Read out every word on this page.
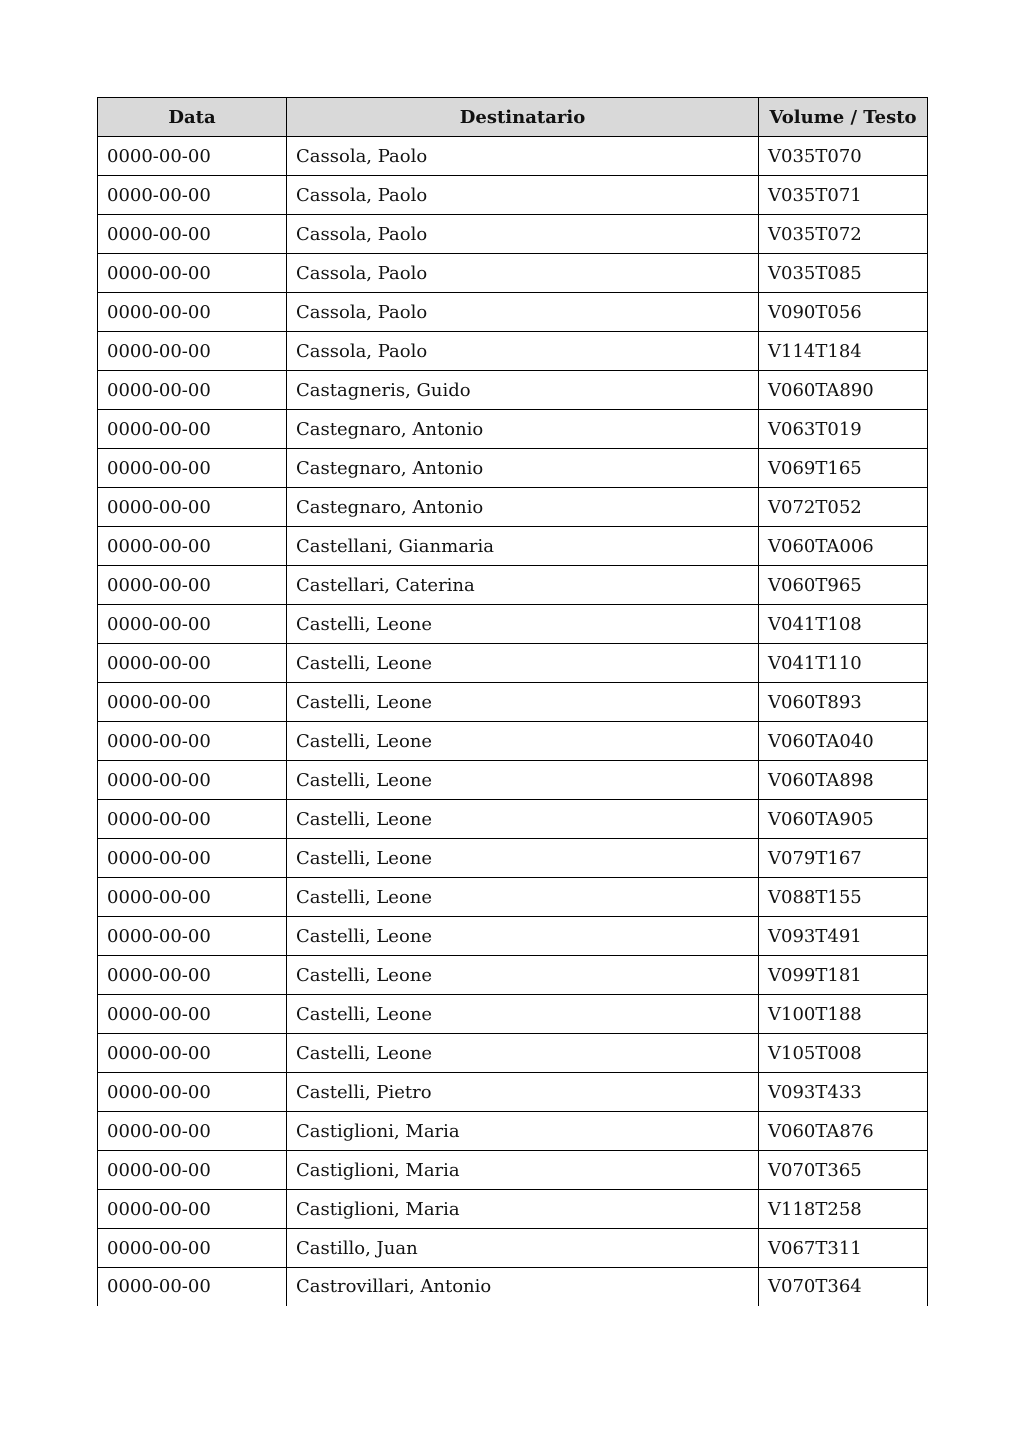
Data	Destinatario	Volume / Testo
0000-00-00	Cassola, Paolo	V035T070
0000-00-00	Cassola, Paolo	V035T071
0000-00-00	Cassola, Paolo	V035T072
0000-00-00	Cassola, Paolo	V035T085
0000-00-00	Cassola, Paolo	V090T056
0000-00-00	Cassola, Paolo	V114T184
0000-00-00	Castagneris, Guido	V060TA890
0000-00-00	Castegnaro, Antonio	V063T019
0000-00-00	Castegnaro, Antonio	V069T165
0000-00-00	Castegnaro, Antonio	V072T052
0000-00-00	Castellani, Gianmaria	V060TA006
0000-00-00	Castellari, Caterina	V060T965
0000-00-00	Castelli, Leone	V041T108
0000-00-00	Castelli, Leone	V041T110
0000-00-00	Castelli, Leone	V060T893
0000-00-00	Castelli, Leone	V060TA040
0000-00-00	Castelli, Leone	V060TA898
0000-00-00	Castelli, Leone	V060TA905
0000-00-00	Castelli, Leone	V079T167
0000-00-00	Castelli, Leone	V088T155
0000-00-00	Castelli, Leone	V093T491
0000-00-00	Castelli, Leone	V099T181
0000-00-00	Castelli, Leone	V100T188
0000-00-00	Castelli, Leone	V105T008
0000-00-00	Castelli, Pietro	V093T433
0000-00-00	Castiglioni, Maria	V060TA876
0000-00-00	Castiglioni, Maria	V070T365
0000-00-00	Castiglioni, Maria	V118T258
0000-00-00	Castillo, Juan	V067T311
0000-00-00	Castrovillari, Antonio	V070T364
